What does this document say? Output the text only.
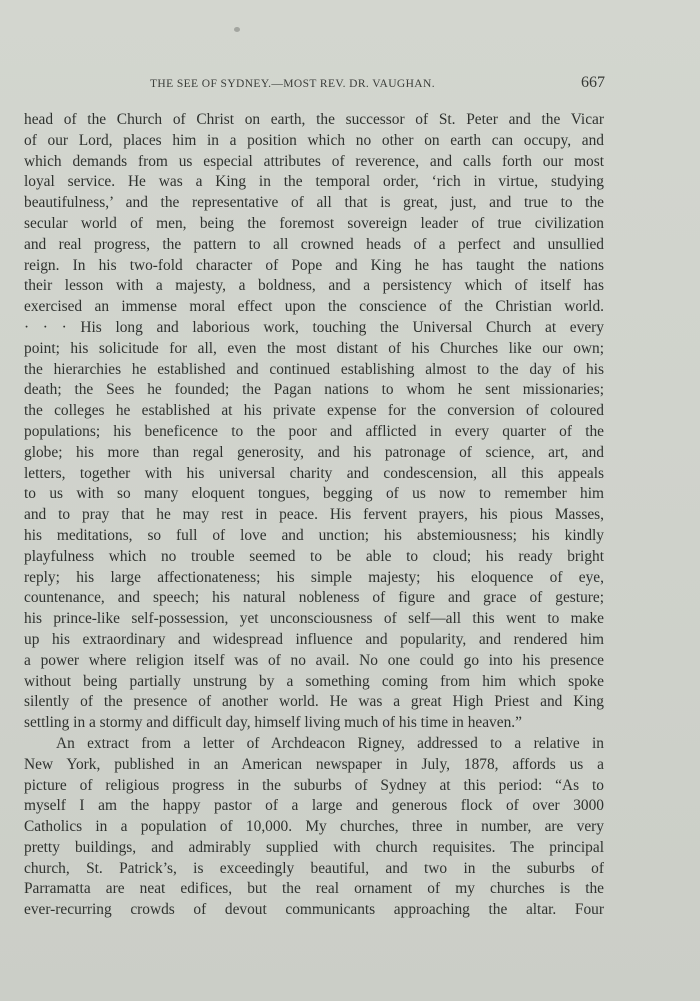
THE SEE OF SYDNEY.—MOST REV. DR. VAUGHAN.	667
head of the Church of Christ on earth, the successor of St. Peter and the Vicar
of our Lord, places him in a position which no other on earth can occupy, and
which demands from us especial attributes of reverence, and calls forth our most
loyal service. He was a King in the temporal order, ‘rich in virtue, studying
beautifulness,’ and the representative of all that is great, just, and true to the
secular world of men, being the foremost sovereign leader of true civilization
and real progress, the pattern to all crowned heads of a perfect and unsullied
reign. In his two-fold character of Pope and King he has taught the nations
their lesson with a majesty, a boldness, and a persistency which of itself has
exercised an immense moral effect upon the conscience of the Christian world.
· · · His long and laborious work, touching the Universal Church at every
point; his solicitude for all, even the most distant of his Churches like our own;
the hierarchies he established and continued establishing almost to the day of his
death; the Sees he founded; the Pagan nations to whom he sent missionaries;
the colleges he established at his private expense for the conversion of coloured
populations; his beneficence to the poor and afflicted in every quarter of the
globe; his more than regal generosity, and his patronage of science, art, and
letters, together with his universal charity and condescension, all this appeals
to us with so many eloquent tongues, begging of us now to remember him
and to pray that he may rest in peace. His fervent prayers, his pious Masses,
his meditations, so full of love and unction; his abstemiousness; his kindly
playfulness which no trouble seemed to be able to cloud; his ready bright
reply; his large affectionateness; his simple majesty; his eloquence of eye,
countenance, and speech; his natural nobleness of figure and grace of gesture;
his prince-like self-possession, yet unconsciousness of self—all this went to make
up his extraordinary and widespread influence and popularity, and rendered him
a power where religion itself was of no avail. No one could go into his presence
without being partially unstrung by a something coming from him which spoke
silently of the presence of another world. He was a great High Priest and King
settling in a stormy and difficult day, himself living much of his time in heaven.”
An extract from a letter of Archdeacon Rigney, addressed to a relative in
New York, published in an American newspaper in July, 1878, affords us a
picture of religious progress in the suburbs of Sydney at this period: “As to
myself I am the happy pastor of a large and generous flock of over 3000
Catholics in a population of 10,000. My churches, three in number, are very
pretty buildings, and admirably supplied with church requisites. The principal
church, St. Patrick’s, is exceedingly beautiful, and two in the suburbs of
Parramatta are neat edifices, but the real ornament of my churches is the
ever-recurring crowds of devout communicants approaching the altar. Four
